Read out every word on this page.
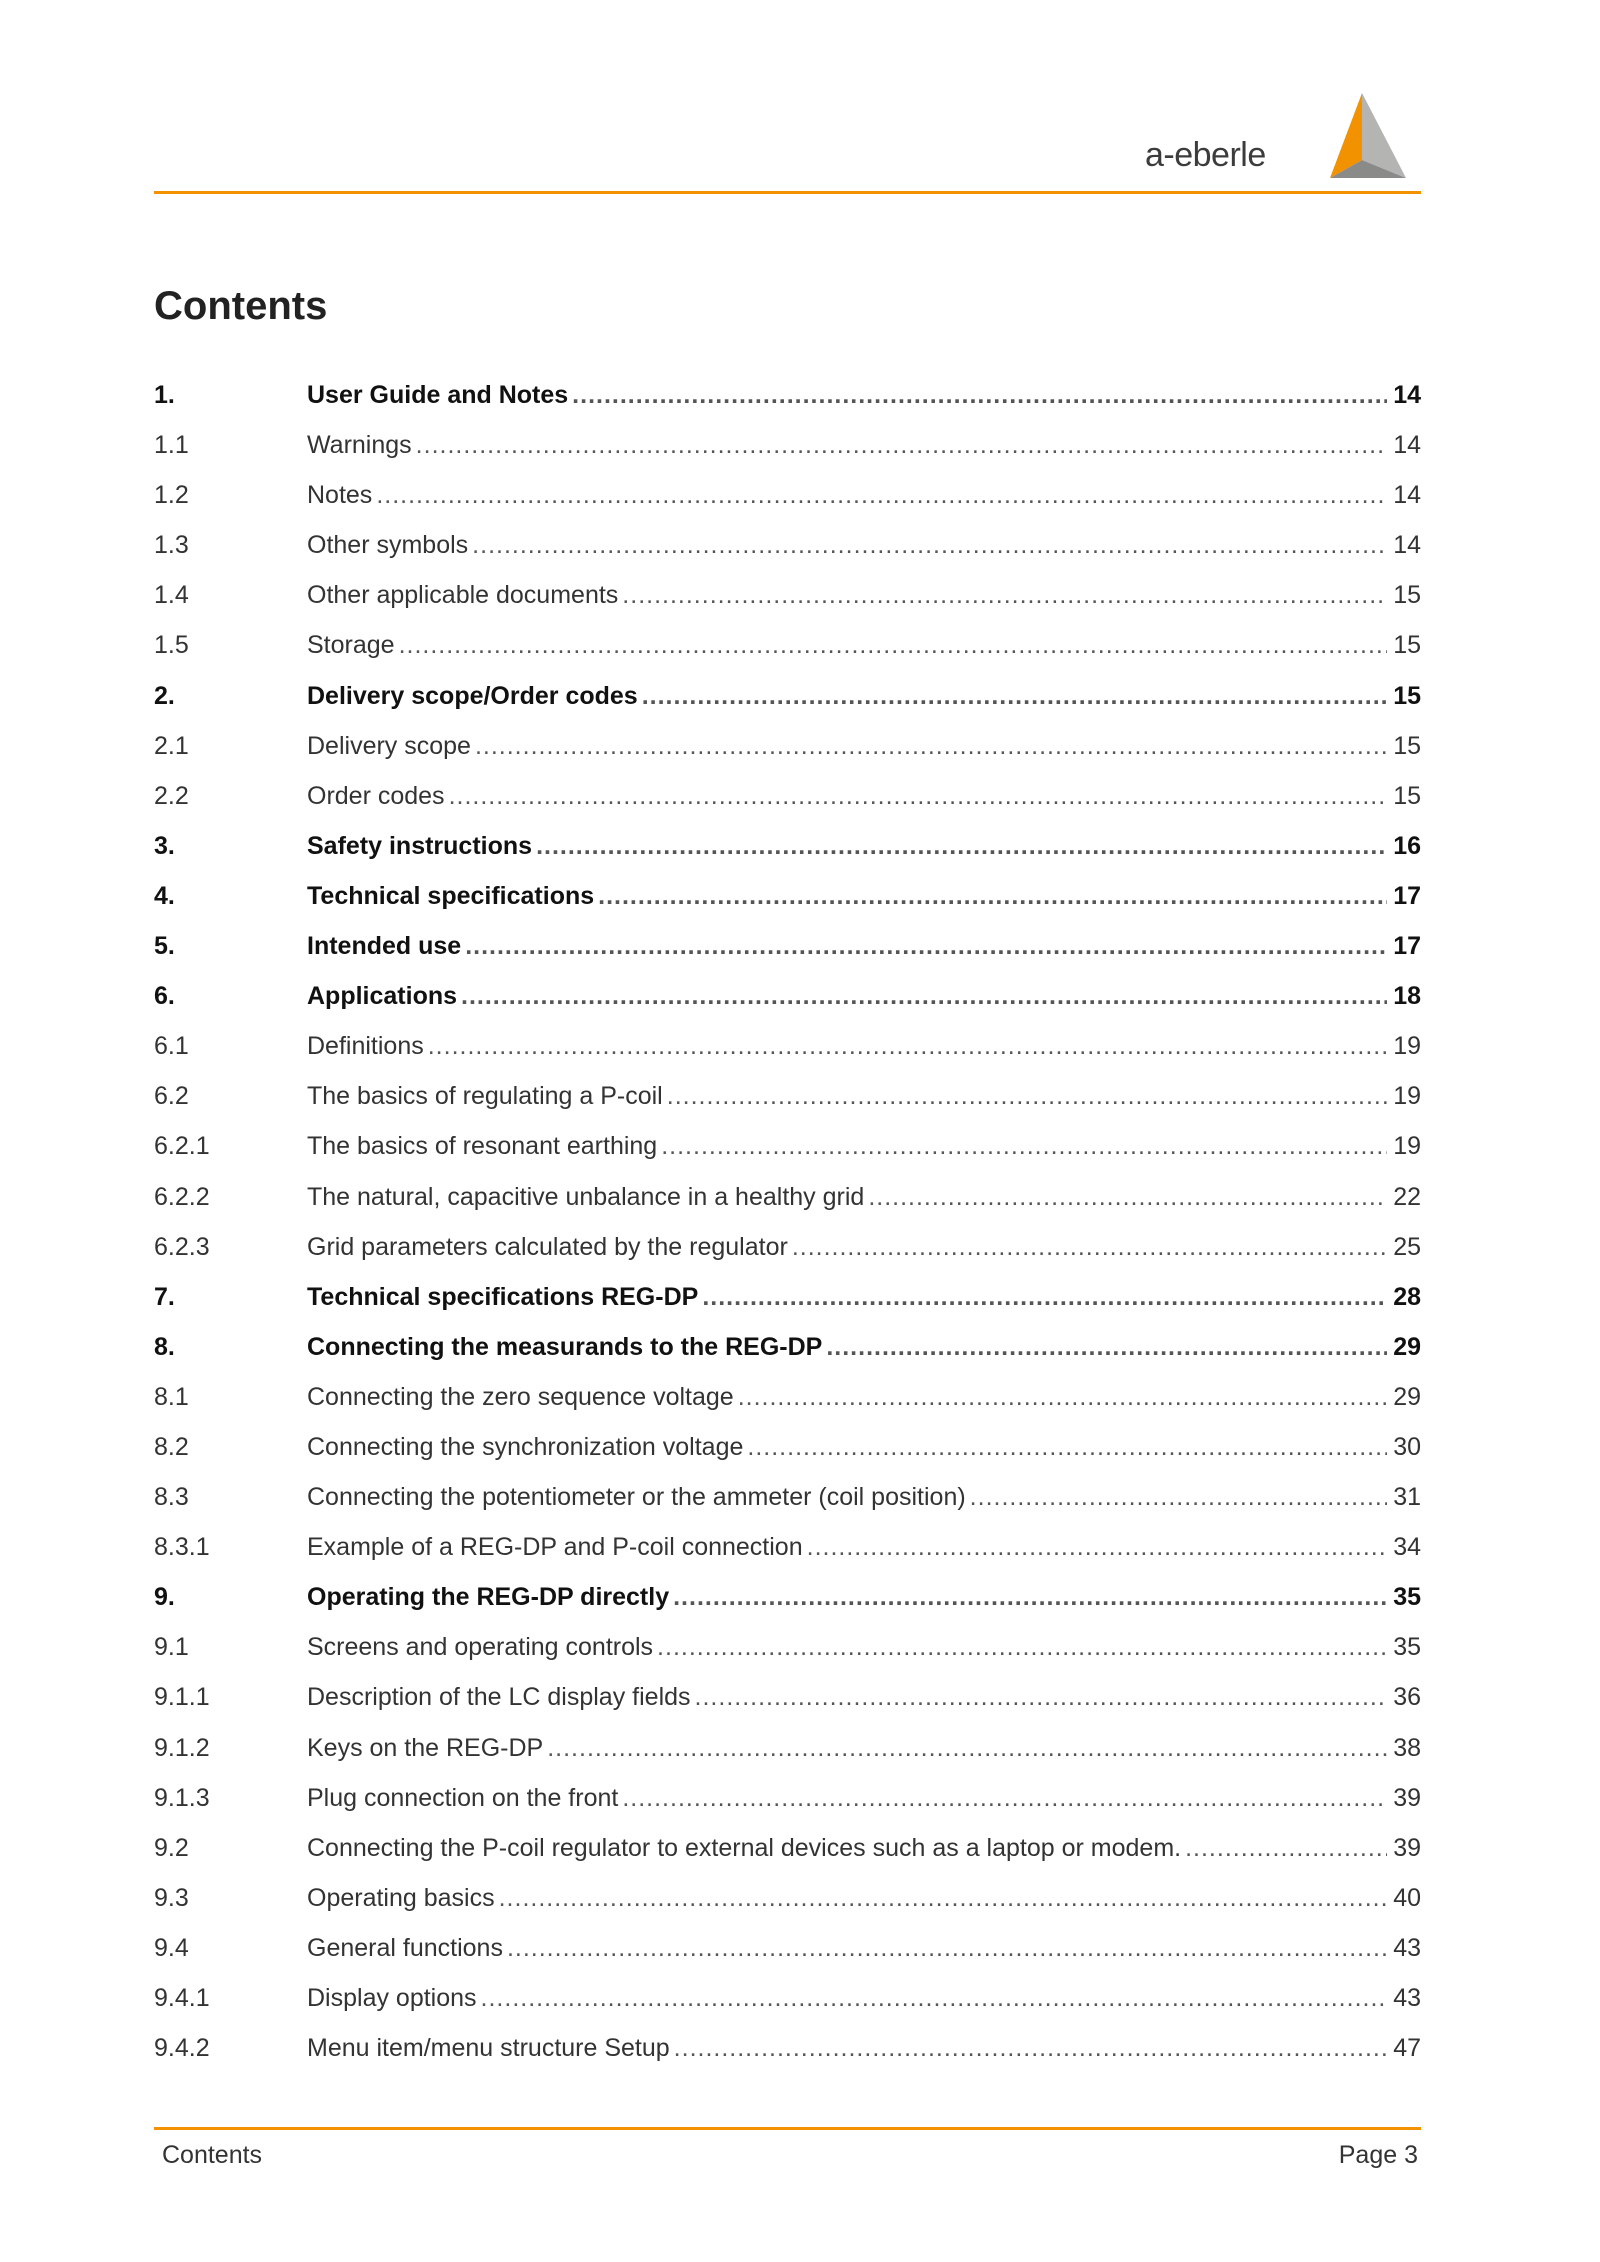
a-eberle
Contents
1.	User Guide and Notes .....	14
1.1	Warnings .....	14
1.2	Notes .....	14
1.3	Other symbols .....	14
1.4	Other applicable documents .....	15
1.5	Storage .....	15
2.	Delivery scope/Order codes .....	15
2.1	Delivery scope .....	15
2.2	Order codes .....	15
3.	Safety instructions .....	16
4.	Technical specifications .....	17
5.	Intended use .....	17
6.	Applications .....	18
6.1	Definitions .....	19
6.2	The basics of regulating a P-coil .....	19
6.2.1	The basics of resonant earthing .....	19
6.2.2	The natural, capacitive unbalance in a healthy grid .....	22
6.2.3	Grid parameters calculated by the regulator .....	25
7.	Technical specifications REG-DP .....	28
8.	Connecting the measurands to the REG-DP .....	29
8.1	Connecting the zero sequence voltage .....	29
8.2	Connecting the synchronization voltage .....	30
8.3	Connecting the potentiometer or the ammeter (coil position) .....	31
8.3.1	Example of a REG-DP and P-coil connection .....	34
9.	Operating the REG-DP directly .....	35
9.1	Screens and operating controls .....	35
9.1.1	Description of the LC display fields .....	36
9.1.2	Keys on the REG-DP .....	38
9.1.3	Plug connection on the front .....	39
9.2	Connecting the P-coil regulator to external devices such as a laptop or modem. .....	39
9.3	Operating basics .....	40
9.4	General functions .....	43
9.4.1	Display options .....	43
9.4.2	Menu item/menu structure Setup .....	47
Contents	Page 3
